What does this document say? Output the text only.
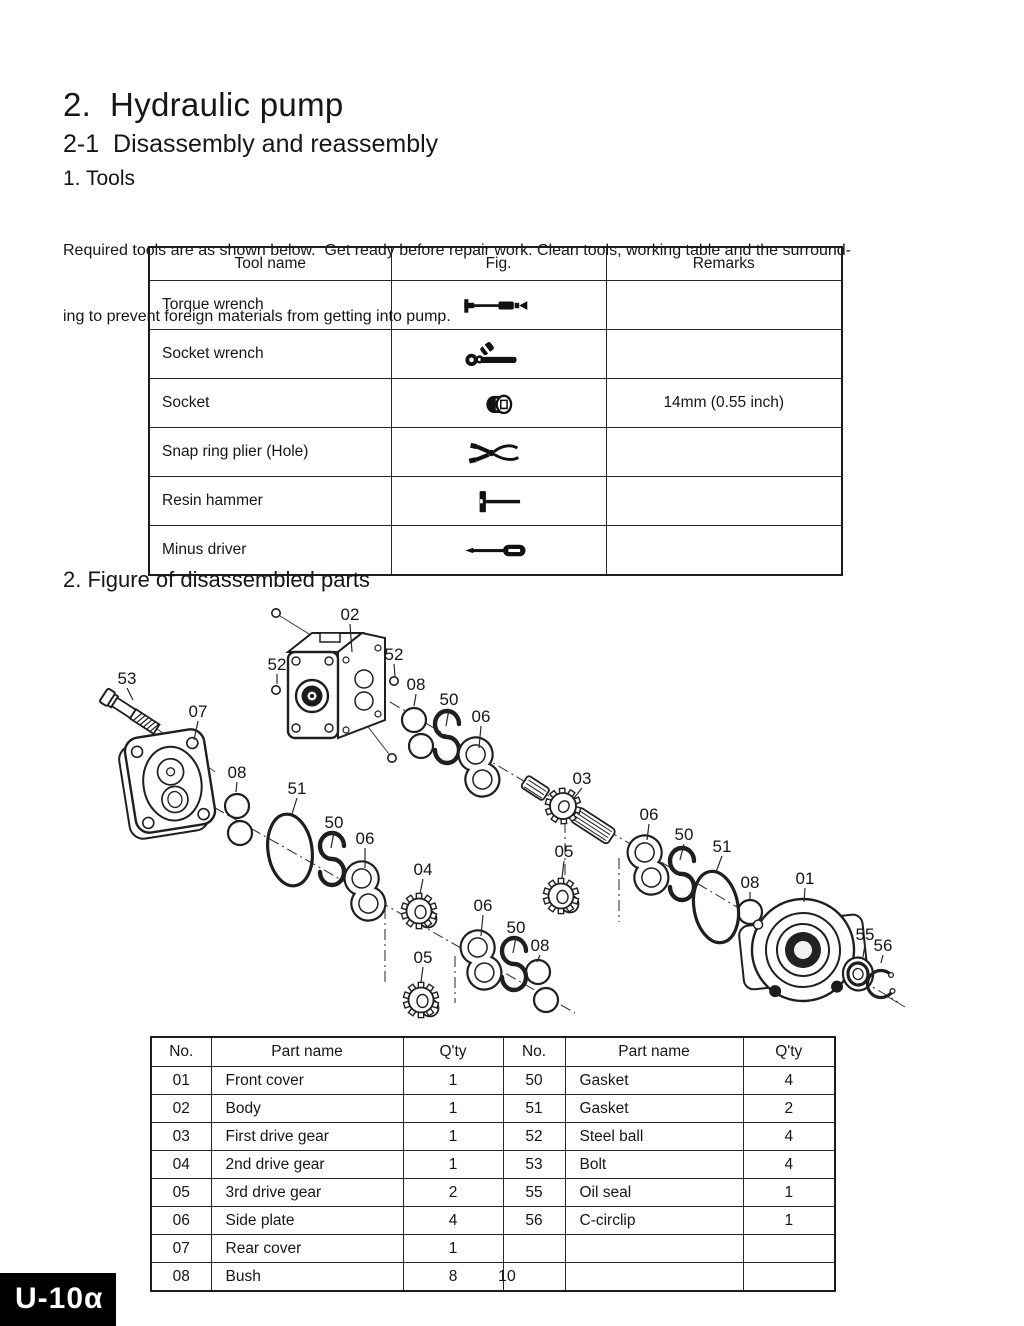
2.  Hydraulic pump
2-1  Disassembly and reassembly
1. Tools

Required tools are as shown below.  Get ready before repair work. Clean tools, working table and the surround-

ing to prevent foreign materials from getting into pump.

Tool name	Fig.	Remarks
Torque wrench		
Socket wrench		
Socket		14mm (0.55 inch)
Snap ring plier (Hole)		
Resin hammer		
Minus driver		
2. Figure of disassembled parts
02
52
52
53
07
08
50
06
08
51
50
06
04
06
50
08
05
03
05
06
50
51
08 01
55
56
No.	Part name	Q'ty	No.	Part name	Q'ty
01	Front cover	1	50	Gasket	4
02	Body	1	51	Gasket	2
03	First drive gear	1	52	Steel ball	4
04	2nd drive gear	1	53	Bolt	4
05	3rd drive gear	2	55	Oil seal	1
06	Side plate	4	56	C-circlip	1
07	Rear cover	1			
08	Bush	8				10
U-10α
